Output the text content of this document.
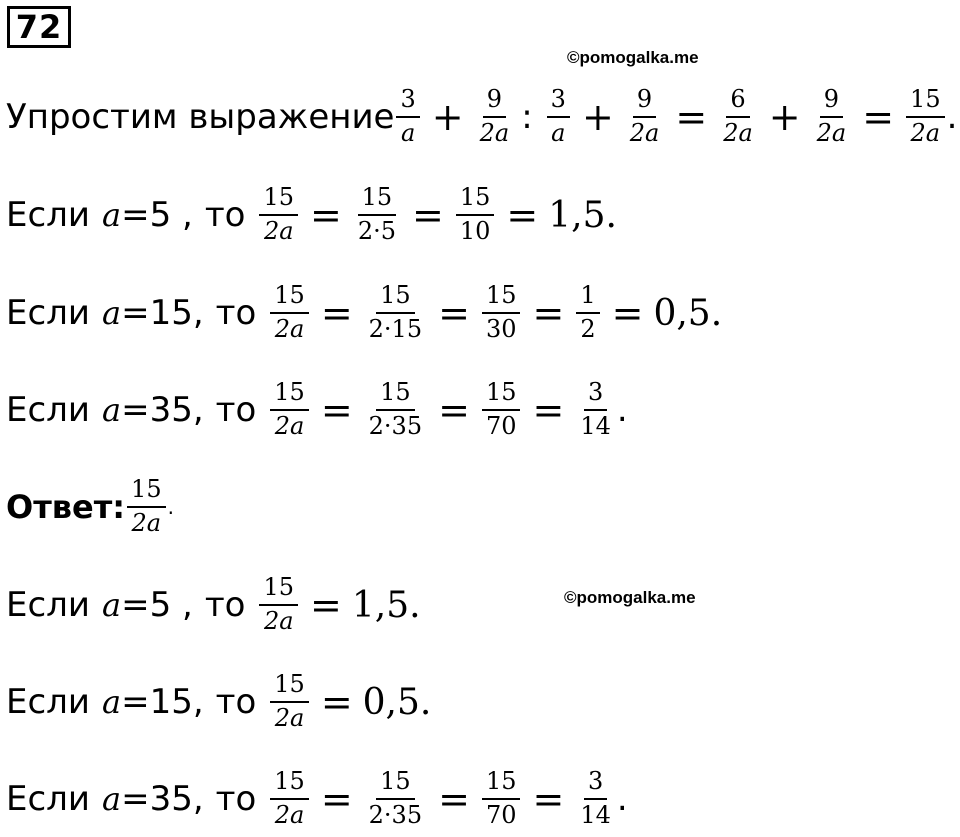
72
©pomogalka.me
©pomogalka.me
Упростим выражение $\frac{3}{a} + \frac{9}{2a}$ : $\frac{3}{a} + \frac{9}{2a} = \frac{6}{2a} + \frac{9}{2a} = \frac{15}{2a}$ .
Если a =5 , то $\frac{15}{2a} = \frac{15}{2\cdot 5} = \frac{15}{10} = 1,5$.
Если a =15, то $\frac{15}{2a} = \frac{15}{2\cdot 15} = \frac{15}{30} = \frac{1}{2} = 0,5$.
Если a =35, то $\frac{15}{2a} = \frac{15}{2\cdot 35} = \frac{15}{70} = \frac{3}{14}$ .
Ответ: $\frac{15}{2a}$ .
Если a =5 , то $\frac{15}{2a} = 1,5$.
Если a =15, то $\frac{15}{2a} = 0,5$.
Если a =35, то $\frac{15}{2a} = \frac{15}{2\cdot 35} = \frac{15}{70} = \frac{3}{14}$ .
